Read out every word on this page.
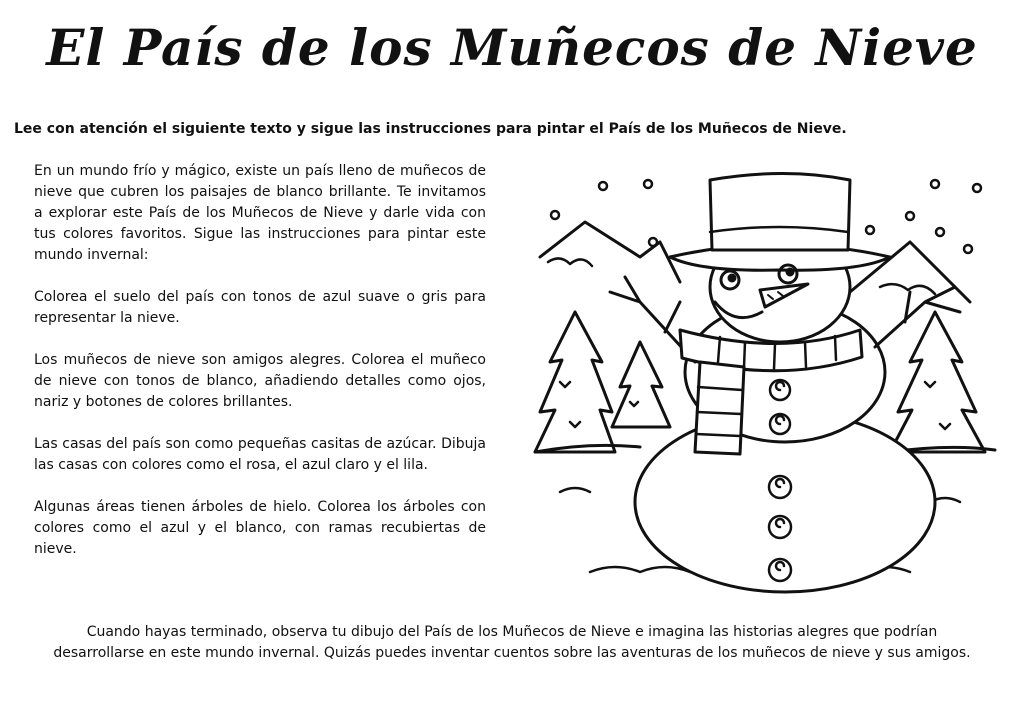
El País de los Muñecos de Nieve
Lee con atención el siguiente texto y sigue las instrucciones para pintar el País de los Muñecos de Nieve.

En un mundo frío y mágico, existe un país lleno de muñecos de nieve que cubren los paisajes de blanco brillante. Te invitamos a explorar este País de los Muñecos de Nieve y darle vida con tus colores favoritos. Sigue las instrucciones para pintar este mundo invernal:

Colorea el suelo del país con tonos de azul suave o gris para representar la nieve.

Los muñecos de nieve son amigos alegres. Colorea el muñeco de nieve con tonos de blanco, añadiendo detalles como ojos, nariz y botones de colores brillantes.

Las casas del país son como pequeñas casitas de azúcar. Dibuja las casas con colores como el rosa, el azul claro y el lila.

Algunas áreas tienen árboles de hielo. Colorea los árboles con colores como el azul y el blanco, con ramas recubiertas de nieve.

Cuando hayas terminado, observa tu dibujo del País de los Muñecos de Nieve e imagina las historias alegres que podrían desarrollarse en este mundo invernal. Quizás puedes inventar cuentos sobre las aventuras de los muñecos de nieve y sus amigos.
